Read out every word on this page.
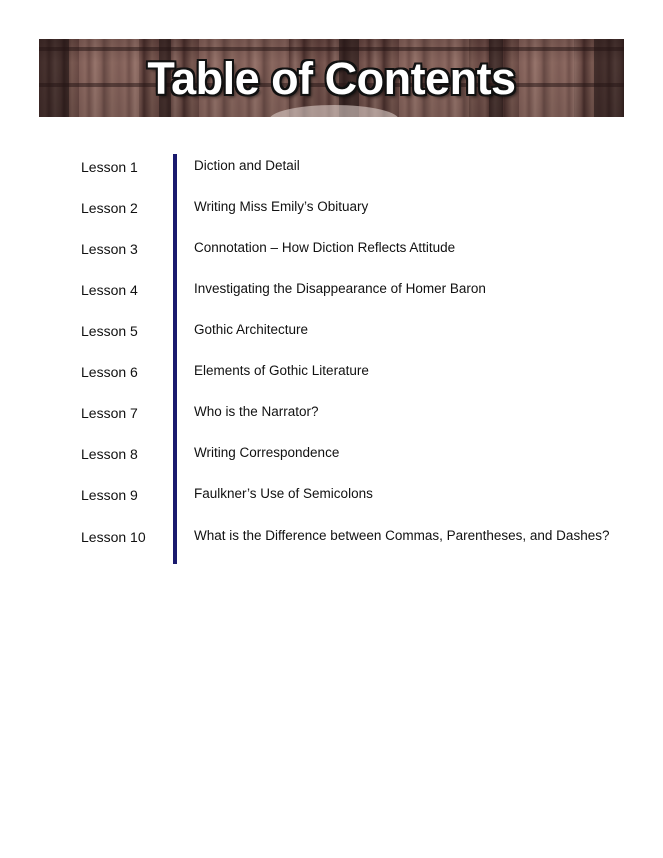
Table of Contents
Lesson 1	Diction and Detail
Lesson 2	Writing Miss Emily’s Obituary
Lesson 3	Connotation – How Diction Reflects Attitude
Lesson 4	Investigating the Disappearance of Homer Baron
Lesson 5	Gothic Architecture
Lesson 6	Elements of Gothic Literature
Lesson 7	Who is the Narrator?
Lesson 8	Writing Correspondence
Lesson 9	Faulkner’s Use of Semicolons
Lesson 10	What is the Difference between Commas, Parentheses, and Dashes?
